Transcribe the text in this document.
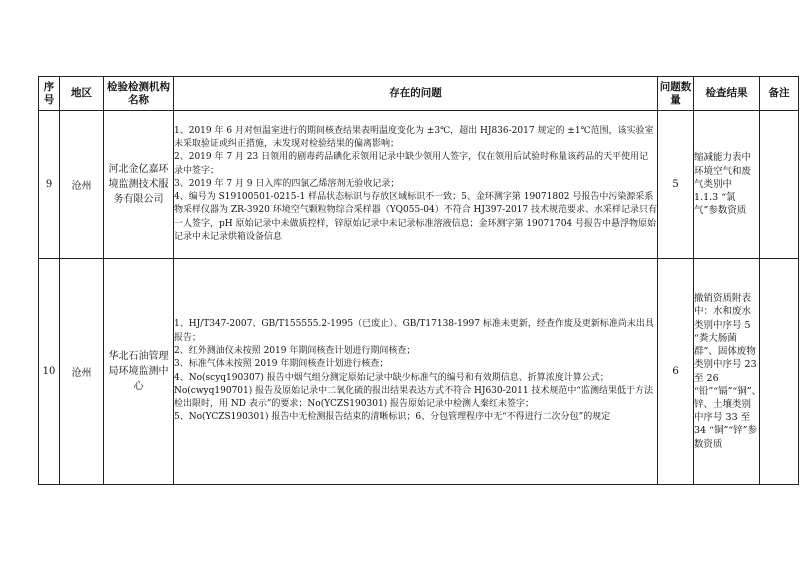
序号	地区	检验检测机构名称	存在的问题	问题数量	检查结果	备注
9	沧州	河北金亿嘉环境监测技术服务有限公司	1、2019 年 6 月对恒温室进行的期间核查结果表明温度变化为 ±3℃，超出 HJ836-2017 规定的 ±1℃范围，该实验室未采取验证或纠正措施，未发现对检验结果的偏离影响；
2、2019 年 7 月 23 日领用的剧毒药品碘化汞领用记录中缺少领用人签字，仅在领用后试验时称量该药品的天平使用记录中签字；
3、2019 年 7 月 9 日入库的四氯乙烯溶剂无验收记录；
4、编号为 S19100501-0215-1 样品状态标识与存放区域标识不一致；5、金环测字第 19071802 号报告中污染源采系物采样仪器为 ZR-3920 环境空气颗粒物综合采样器（YQ055-04）不符合 HJ397-2017 技术规范要求、水采样记录只有一人签字，pH 原始记录中未做质控样，锌原始记录中未记录标准溶液信息；金环测字第 19071704 号报告中悬浮物原始记录中未记录烘箱设备信息	5	缩减能力表中环境空气和废气类别中 1.1.3 “氯气”参数资质	
10	沧州	华北石油管理局环境监测中心	1、HJ/T347-2007、GB/T155555.2-1995（已废止）、GB/T17138-1997 标准未更新，经查作废及更新标准尚未出具报告；
2、红外测油仪未按照 2019 年期间核查计划进行期间核查；
3、标准气体未按照 2019 年期间核查计划进行核查；
4、No(scyq190307) 报告中烟气组分测定原始记录中缺少标准气的编号和有效期信息、折算浓度计算公式；No(cwyq190701) 报告及原始记录中二氧化硫的报出结果表达方式不符合 HJ630-2011 技术规范中“监测结果低于方法检出限时，用 ND 表示”的要求；No(YCZS190301) 报告原始记录中检测人秦红未签字；
5、No(YCZS190301) 报告中无检测报告结束的清晰标识；6、分包管理程序中无“不得进行二次分包”的规定	6	撤销资质附表中：水和废水类别中序号 5 “粪大肠菌群”、固体废物类别中序号 23 至 26 “铅”“镉”“铜”、锌、土壤类别中序号 33 至 34 “铜”“锌”参数资质	
